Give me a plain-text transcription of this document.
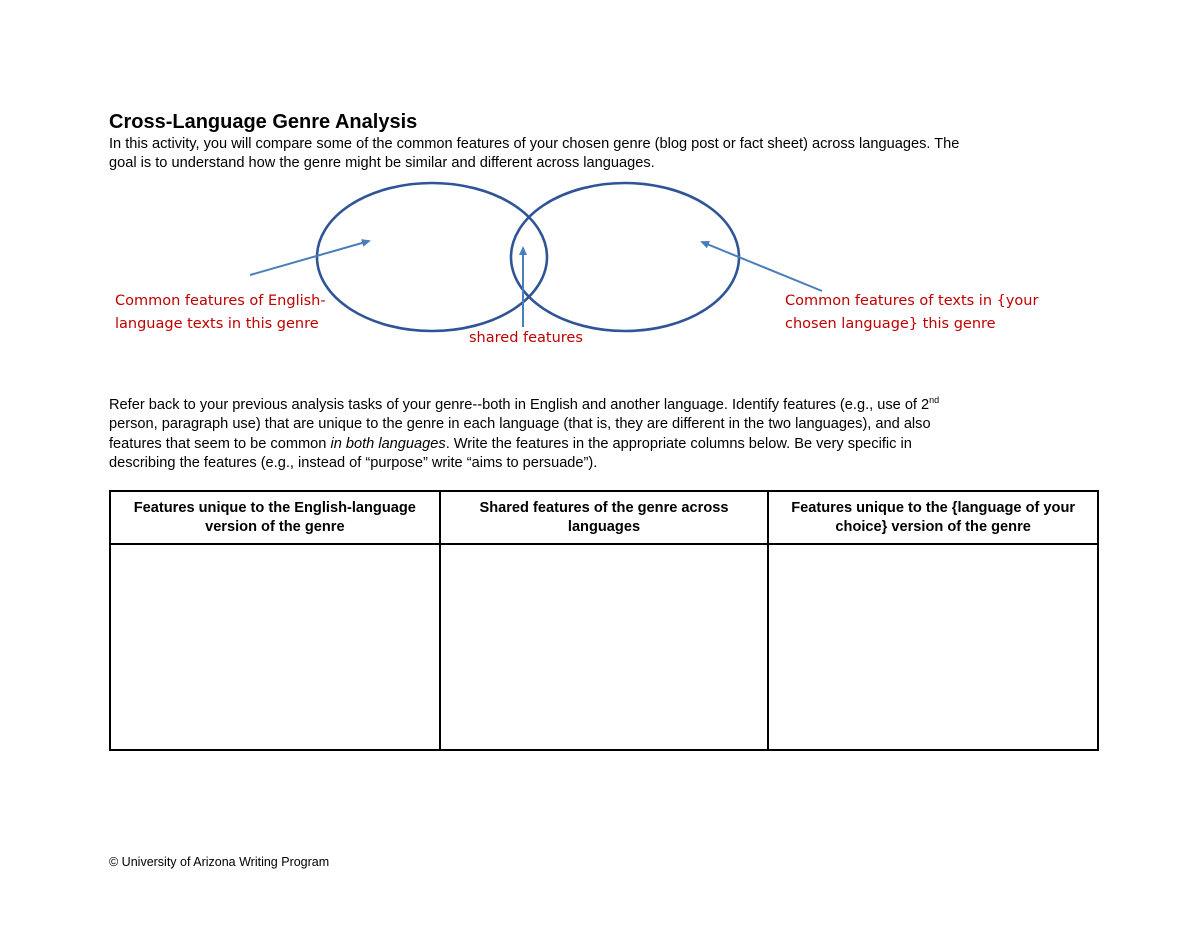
Cross-Language Genre Analysis

In this activity, you will compare some of the common features of your chosen genre (blog post or fact sheet) across languages. The

goal is to understand how the genre might be similar and different across languages.

Common features of English-
language texts in this genre
shared features
Common features of texts in {your
chosen language} this genre

Refer back to your previous analysis tasks of your genre--both in English and another language. Identify features (e.g., use of 2nd

person, paragraph use) that are unique to the genre in each language (that is, they are different in the two languages), and also

features that seem to be common in both languages. Write the features in the appropriate columns below. Be very specific in

describing the features (e.g., instead of “purpose” write “aims to persuade”).

Features unique to the English-language version of the genre	Shared features of the genre across languages	Features unique to the {language of your choice} version of the genre

© University of Arizona Writing Program
